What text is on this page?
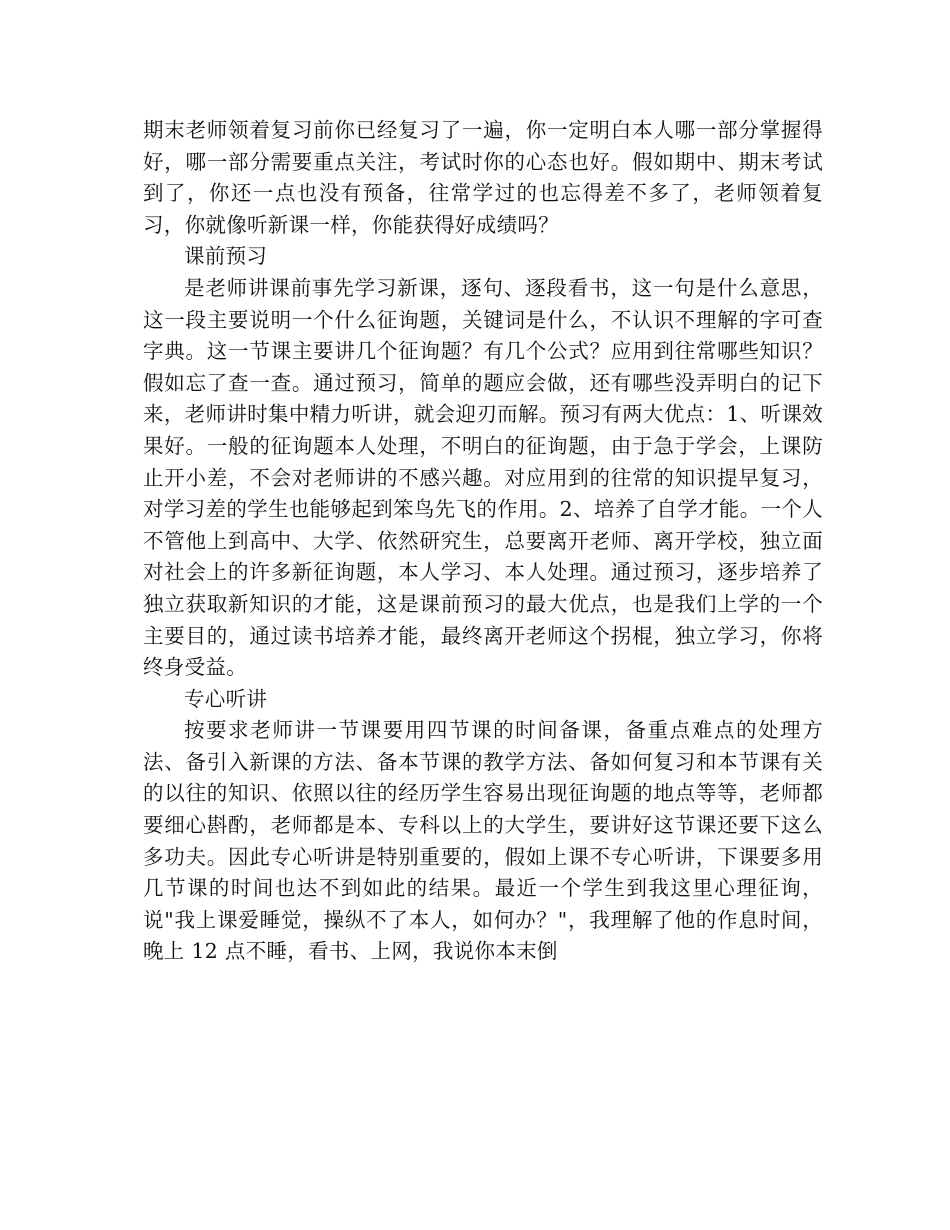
期末老师领着复习前你已经复习了一遍，你一定明白本人哪一部分掌握得好，哪一部分需要重点关注，考试时你的心态也好。假如期中、期末考试到了，你还一点也没有预备，往常学过的也忘得差不多了，老师领着复习，你就像听新课一样，你能获得好成绩吗？

课前预习

是老师讲课前事先学习新课，逐句、逐段看书，这一句是什么意思，这一段主要说明一个什么征询题，关键词是什么，不认识不理解的字可查字典。这一节课主要讲几个征询题？有几个公式？应用到往常哪些知识？假如忘了查一查。通过预习，简单的题应会做，还有哪些没弄明白的记下来，老师讲时集中精力听讲，就会迎刃而解。预习有两大优点：1、听课效果好。一般的征询题本人处理，不明白的征询题，由于急于学会，上课防止开小差，不会对老师讲的不感兴趣。对应用到的往常的知识提早复习，对学习差的学生也能够起到笨鸟先飞的作用。2、培养了自学才能。一个人不管他上到高中、大学、依然研究生，总要离开老师、离开学校，独立面对社会上的许多新征询题，本人学习、本人处理。通过预习，逐步培养了独立获取新知识的才能，这是课前预习的最大优点，也是我们上学的一个主要目的，通过读书培养才能，最终离开老师这个拐棍，独立学习，你将终身受益。

专心听讲

按要求老师讲一节课要用四节课的时间备课，备重点难点的处理方法、备引入新课的方法、备本节课的教学方法、备如何复习和本节课有关的以往的知识、依照以往的经历学生容易出现征询题的地点等等，老师都要细心斟酌，老师都是本、专科以上的大学生，要讲好这节课还要下这么多功夫。因此专心听讲是特别重要的，假如上课不专心听讲，下课要多用几节课的时间也达不到如此的结果。最近一个学生到我这里心理征询，说"我上课爱睡觉，操纵不了本人，如何办？"，我理解了他的作息时间，晚上 12 点不睡，看书、上网，我说你本末倒
